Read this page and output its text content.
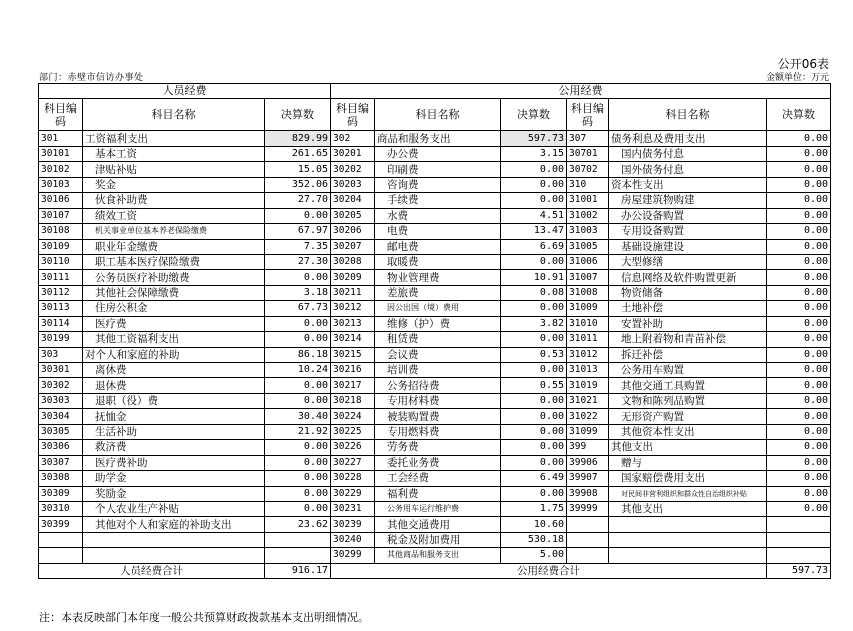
公开06表
部门：赤壁市信访办事处	金额单位：万元
人员经费			公用经费					
科目编码	科目名称	决算数	科目编码	科目名称	决算数	科目编码	科目名称	决算数
301	工资福利支出	829.99	302	商品和服务支出	597.73	307	债务利息及费用支出	0.00
30101	基本工资	261.65	30201	办公费	3.15	30701	国内债务付息	0.00
30102	津贴补贴	15.05	30202	印刷费	0.00	30702	国外债务付息	0.00
30103	奖金	352.06	30203	咨询费	0.00	310	资本性支出	0.00
30106	伙食补助费	27.70	30204	手续费	0.00	31001	房屋建筑物购建	0.00
30107	绩效工资	0.00	30205	水费	4.51	31002	办公设备购置	0.00
30108	机关事业单位基本养老保险缴费	67.97	30206	电费	13.47	31003	专用设备购置	0.00
30109	职业年金缴费	7.35	30207	邮电费	6.69	31005	基础设施建设	0.00
30110	职工基本医疗保险缴费	27.30	30208	取暖费	0.00	31006	大型修缮	0.00
30111	公务员医疗补助缴费	0.00	30209	物业管理费	10.91	31007	信息网络及软件购置更新	0.00
30112	其他社会保障缴费	3.18	30211	差旅费	0.08	31008	物资储备	0.00
30113	住房公积金	67.73	30212	因公出国（境）费用	0.00	31009	土地补偿	0.00
30114	医疗费	0.00	30213	维修（护）费	3.82	31010	安置补助	0.00
30199	其他工资福利支出	0.00	30214	租赁费	0.00	31011	地上附着物和青苗补偿	0.00
303	对个人和家庭的补助	86.18	30215	会议费	0.53	31012	拆迁补偿	0.00
30301	离休费	10.24	30216	培训费	0.00	31013	公务用车购置	0.00
30302	退休费	0.00	30217	公务招待费	0.55	31019	其他交通工具购置	0.00
30303	退职（役）费	0.00	30218	专用材料费	0.00	31021	文物和陈列品购置	0.00
30304	抚恤金	30.40	30224	被装购置费	0.00	31022	无形资产购置	0.00
30305	生活补助	21.92	30225	专用燃料费	0.00	31099	其他资本性支出	0.00
30306	救济费	0.00	30226	劳务费	0.00	399	其他支出	0.00
30307	医疗费补助	0.00	30227	委托业务费	0.00	39906	赠与	0.00
30308	助学金	0.00	30228	工会经费	6.49	39907	国家赔偿费用支出	0.00
30309	奖励金	0.00	30229	福利费	0.00	39908	对民间非营利组织和群众性自治组织补贴	0.00
30310	个人农业生产补贴	0.00	30231	公务用车运行维护费	1.75	39999	其他支出	0.00
30399	其他对个人和家庭的补助支出	23.62	30239	其他交通费用	10.60			
			30240	税金及附加费用	530.18			
			30299	其他商品和服务支出	5.00			
人员经费合计		916.17	公用经费合计					597.73
注：本表反映部门本年度一般公共预算财政拨款基本支出明细情况。
